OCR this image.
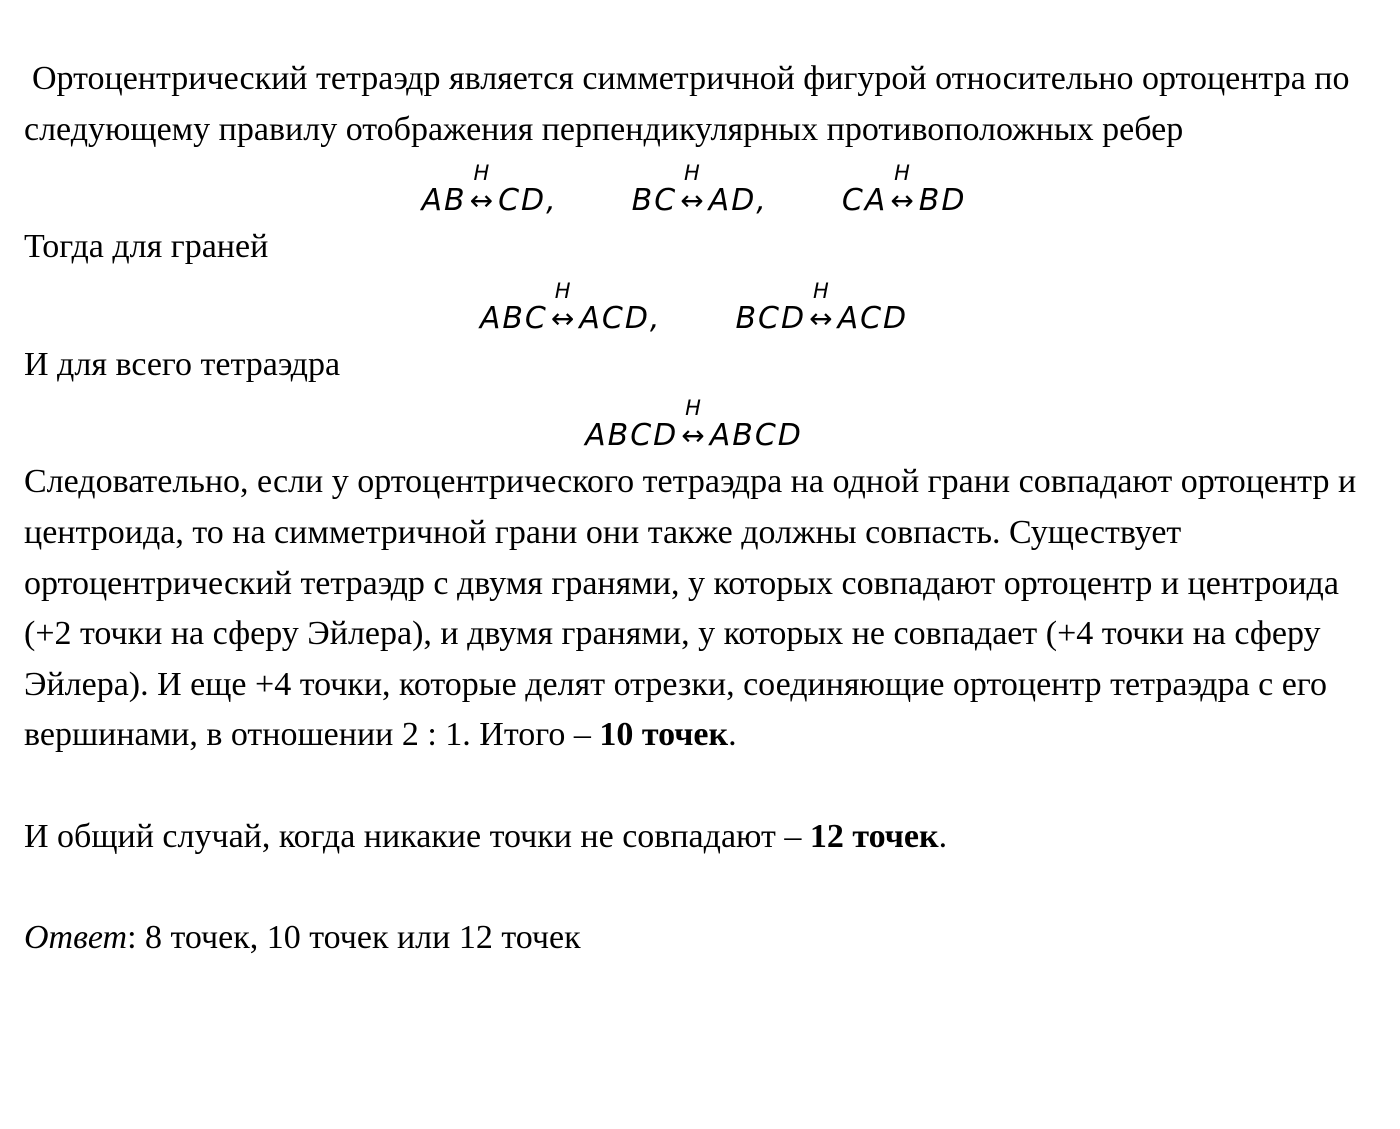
Ортоцентрический тетраэдр является симметричной фигурой относительно ортоцентра по следующему правилу отображения перпендикулярных противоположных ребер

AB
H
↔ CD, BC
H
↔ AD, CA
H
↔ BD

Тогда для граней

ABC
H
↔ ACD, BCD
H
↔ ACD

И для всего тетраэдра

ABCD
H
↔ ABCD

Следовательно, если у ортоцентрического тетраэдра на одной грани совпадают ортоцентр и центроида, то на симметричной грани они также должны совпасть. Существует ортоцентрический тетраэдр с двумя гранями, у которых совпадают ортоцентр и центроида (+2 точки на сферу Эйлера), и двумя гранями, у которых не совпадает (+4 точки на сферу Эйлера). И еще +4 точки, которые делят отрезки, соединяющие ортоцентр тетраэдра с его вершинами, в отношении 2 : 1. Итого – 10 точек.

И общий случай, когда никакие точки не совпадают – 12 точек.

Ответ: 8 точек, 10 точек или 12 точек
